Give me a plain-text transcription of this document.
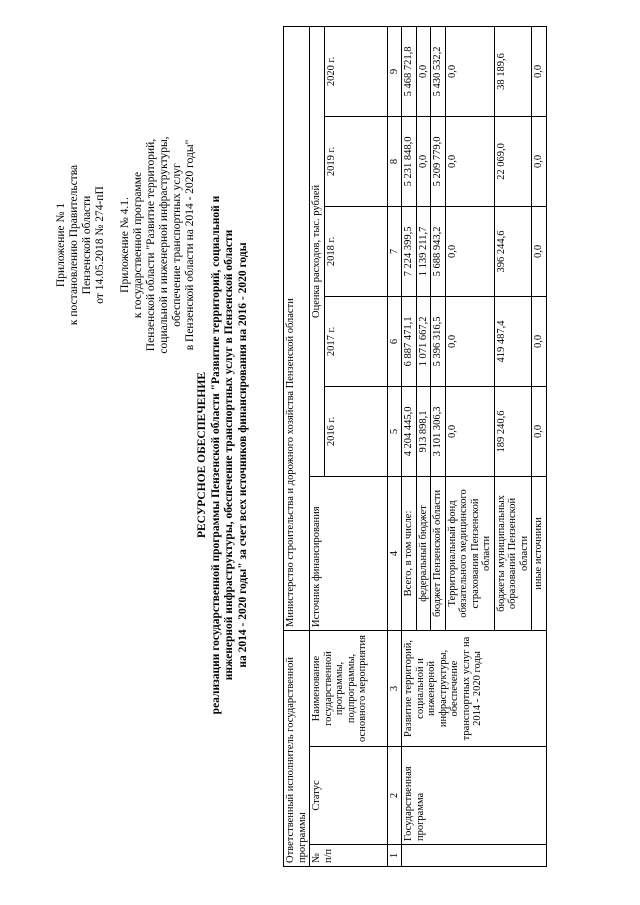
Приложение № 1 к постановлению Правительства Пензенской области от 14.05.2018 № 274-пП Приложение № 4.1. к государственной программе Пензенской области "Развитие территорий, социальной и инженерной инфраструктуры, обеспечение транспортных услуг в Пензенской области на 2014 - 2020 годы"
РЕСУРСНОЕ ОБЕСПЕЧЕНИЕ реализации государственной программы Пензенской области "Развитие территорий, социальной и инженерной инфраструктуры, обеспечение транспортных услуг в Пензенской области на 2014 - 2020 годы" за счет всех источников финансирования на 2016 - 2020 годы
Ответственный исполнитель государственной программы			Министерство строительства и дорожного хозяйства Пензенской области					
№ п/п	Статус	Наименование государственной программы, подпрограммы, основного мероприятия	Источник финансирования	Оценка расходов, тыс. рублей				
				2016 г.	2017 г.	2018 г.	2019 г.	2020 г.
1	2	3	4	5	6	7	8	9
	Государственная программа	Развитие территорий, социальной и инженерной инфраструктуры, обеспечение транспортных услуг на 2014 - 2020 годы	Всего, в том числе:	4 204 445,0	6 887 471,1	7 224 399,5	5 231 848,0	5 468 721,8
			федеральный бюджет	913 898,1	1 071 667,2	1 139 211,7	0,0	0,0
			бюджет Пензенской области	3 101 306,3	5 396 316,5	5 688 943,2	5 209 779,0	5 430 532,2
			Территориальный фонд обязательного медицинского страхования Пензенской области	0,0	0,0	0,0	0,0	0,0
			бюджеты муниципальных образований Пензенской области	189 240,6	419 487,4	396 244,6	22 069,0	38 189,6
			иные источники	0,0	0,0	0,0	0,0	0,0
